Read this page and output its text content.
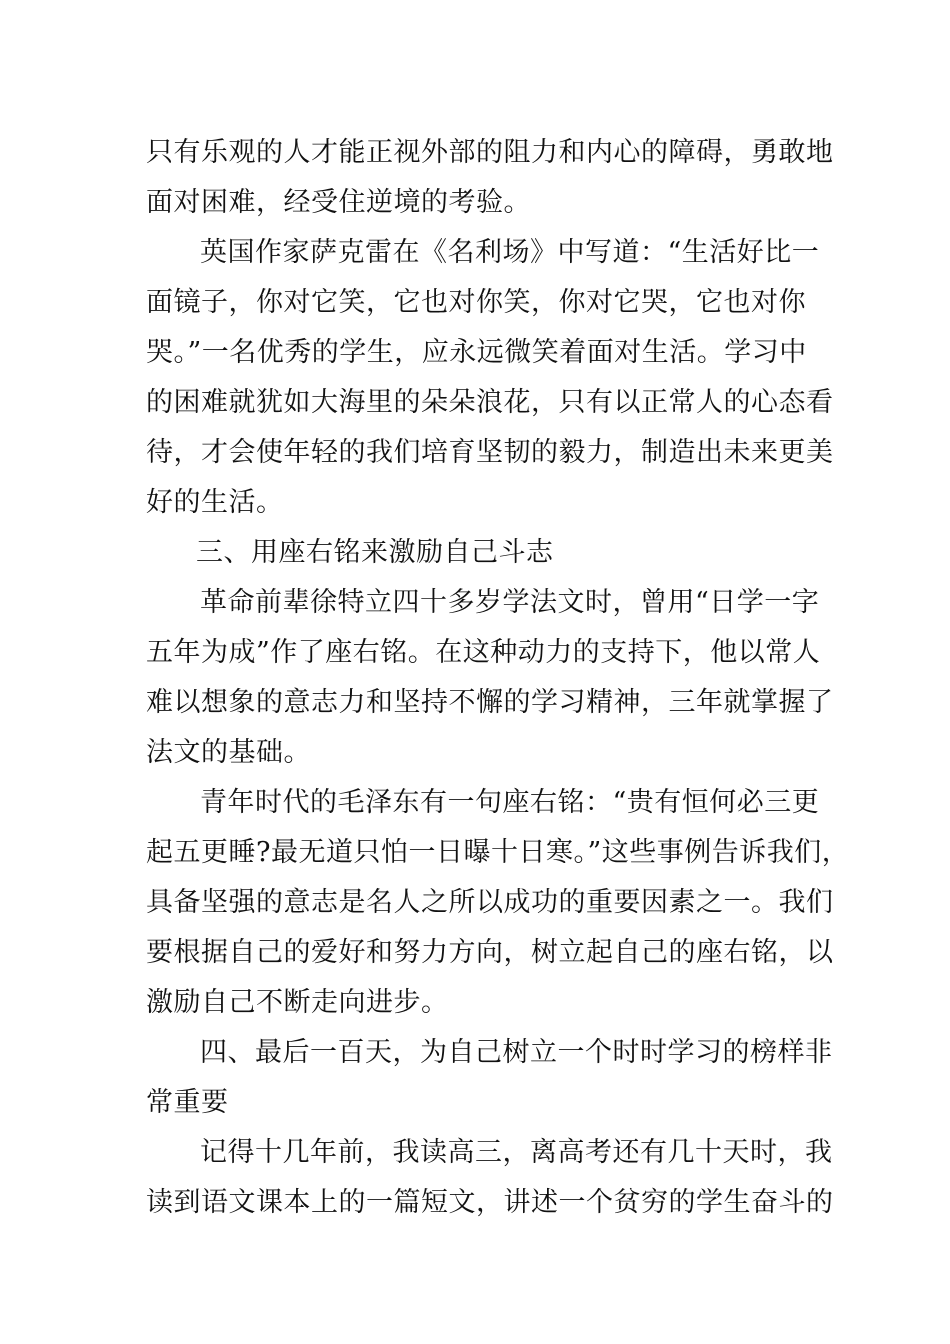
只有乐观的人才能正视外部的阻力和内心的障碍，勇敢地
面对困难，经受住逆境的考验。
英国作家萨克雷在《名利场》中写道：“生活好比一
面镜子，你对它笑，它也对你笑，你对它哭，它也对你
哭。”一名优秀的学生，应永远微笑着面对生活。学习中
的困难就犹如大海里的朵朵浪花，只有以正常人的心态看
待，才会使年轻的我们培育坚韧的毅力，制造出未来更美
好的生活。
三、用座右铭来激励自己斗志
革命前辈徐特立四十多岁学法文时，曾用“日学一字
五年为成”作了座右铭。在这种动力的支持下，他以常人
难以想象的意志力和坚持不懈的学习精神，三年就掌握了
法文的基础。
青年时代的毛泽东有一句座右铭：“贵有恒何必三更
起五更睡?最无道只怕一日曝十日寒。”这些事例告诉我们，
具备坚强的意志是名人之所以成功的重要因素之一。我们
要根据自己的爱好和努力方向，树立起自己的座右铭，以
激励自己不断走向进步。
四、最后一百天，为自己树立一个时时学习的榜样非
常重要
记得十几年前，我读高三，离高考还有几十天时，我
读到语文课本上的一篇短文，讲述一个贫穷的学生奋斗的
